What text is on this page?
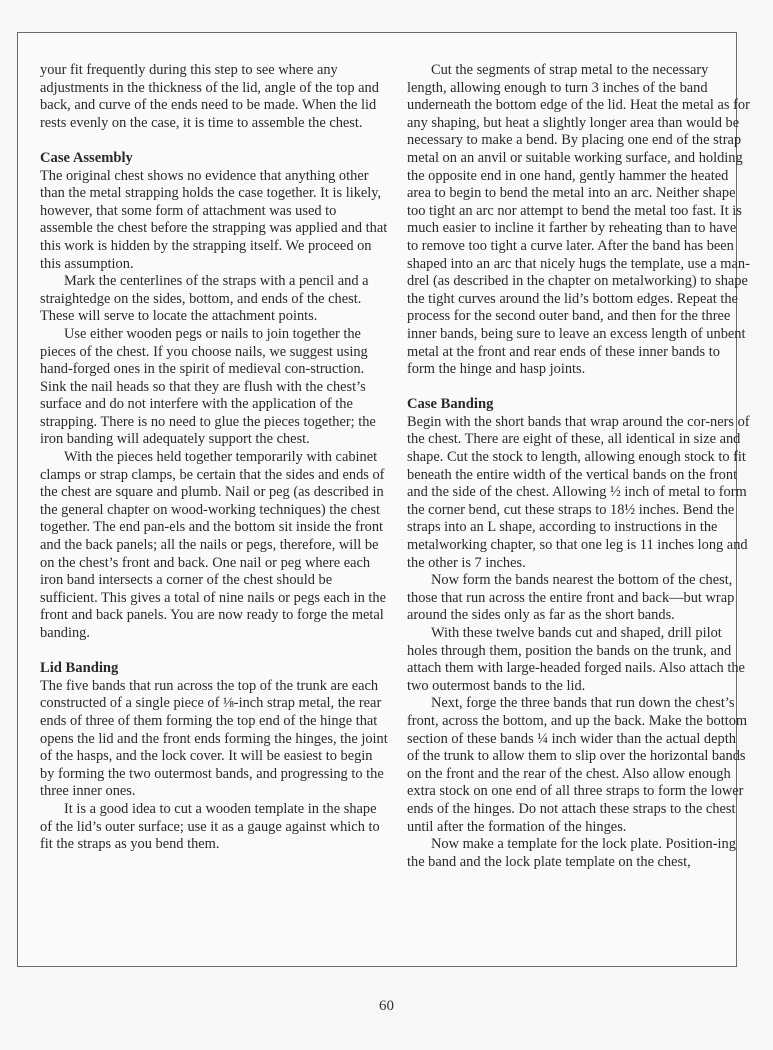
your fit frequently during this step to see where any adjustments in the thickness of the lid, angle of the top and back, and curve of the ends need to be made. When the lid rests evenly on the case, it is time to assemble the chest.

Case Assembly

The original chest shows no evidence that anything other than the metal strapping holds the case together. It is likely, however, that some form of attachment was used to assemble the chest before the strapping was applied and that this work is hidden by the strapping itself. We proceed on this assumption.

Mark the centerlines of the straps with a pencil and a straightedge on the sides, bottom, and ends of the chest. These will serve to locate the attachment points.

Use either wooden pegs or nails to join together the pieces of the chest. If you choose nails, we suggest using hand-forged ones in the spirit of medieval con-struction. Sink the nail heads so that they are flush with the chest’s surface and do not interfere with the application of the strapping. There is no need to glue the pieces together; the iron banding will adequately support the chest.

With the pieces held together temporarily with cabinet clamps or strap clamps, be certain that the sides and ends of the chest are square and plumb. Nail or peg (as described in the general chapter on wood-working techniques) the chest together. The end pan-els and the bottom sit inside the front and the back panels; all the nails or pegs, therefore, will be on the chest’s front and back. One nail or peg where each iron band intersects a corner of the chest should be sufficient. This gives a total of nine nails or pegs each in the front and back panels. You are now ready to forge the metal banding.

Lid Banding

The five bands that run across the top of the trunk are each constructed of a single piece of ⅛-inch strap metal, the rear ends of three of them forming the top end of the hinge that opens the lid and the front ends forming the hinges, the joint of the hasps, and the lock cover. It will be easiest to begin by forming the two outermost bands, and progressing to the three inner ones.

It is a good idea to cut a wooden template in the shape of the lid’s outer surface; use it as a gauge against which to fit the straps as you bend them.

Cut the segments of strap metal to the necessary length, allowing enough to turn 3 inches of the band underneath the bottom edge of the lid. Heat the metal as for any shaping, but heat a slightly longer area than would be necessary to make a bend. By placing one end of the strap metal on an anvil or suitable working surface, and holding the opposite end in one hand, gently hammer the heated area to begin to bend the metal into an arc. Neither shape too tight an arc nor attempt to bend the metal too fast. It is much easier to incline it farther by reheating than to have to remove too tight a curve later. After the band has been shaped into an arc that nicely hugs the template, use a man-drel (as described in the chapter on metalworking) to shape the tight curves around the lid’s bottom edges. Repeat the process for the second outer band, and then for the three inner bands, being sure to leave an excess length of unbent metal at the front and rear ends of these inner bands to form the hinge and hasp joints.

Case Banding

Begin with the short bands that wrap around the cor-ners of the chest. There are eight of these, all identical in size and shape. Cut the stock to length, allowing enough stock to fit beneath the entire width of the vertical bands on the front and the side of the chest. Allowing ½ inch of metal to form the corner bend, cut these straps to 18½ inches. Bend the straps into an L shape, according to instructions in the metalworking chapter, so that one leg is 11 inches long and the other is 7 inches.

Now form the bands nearest the bottom of the chest, those that run across the entire front and back—but wrap around the sides only as far as the short bands.

With these twelve bands cut and shaped, drill pilot holes through them, position the bands on the trunk, and attach them with large-headed forged nails. Also attach the two outermost bands to the lid.

Next, forge the three bands that run down the chest’s front, across the bottom, and up the back. Make the bottom section of these bands ¼ inch wider than the actual depth of the trunk to allow them to slip over the horizontal bands on the front and the rear of the chest. Also allow enough extra stock on one end of all three straps to form the lower ends of the hinges. Do not attach these straps to the chest until after the formation of the hinges.

Now make a template for the lock plate. Position-ing the band and the lock plate template on the chest,

60
